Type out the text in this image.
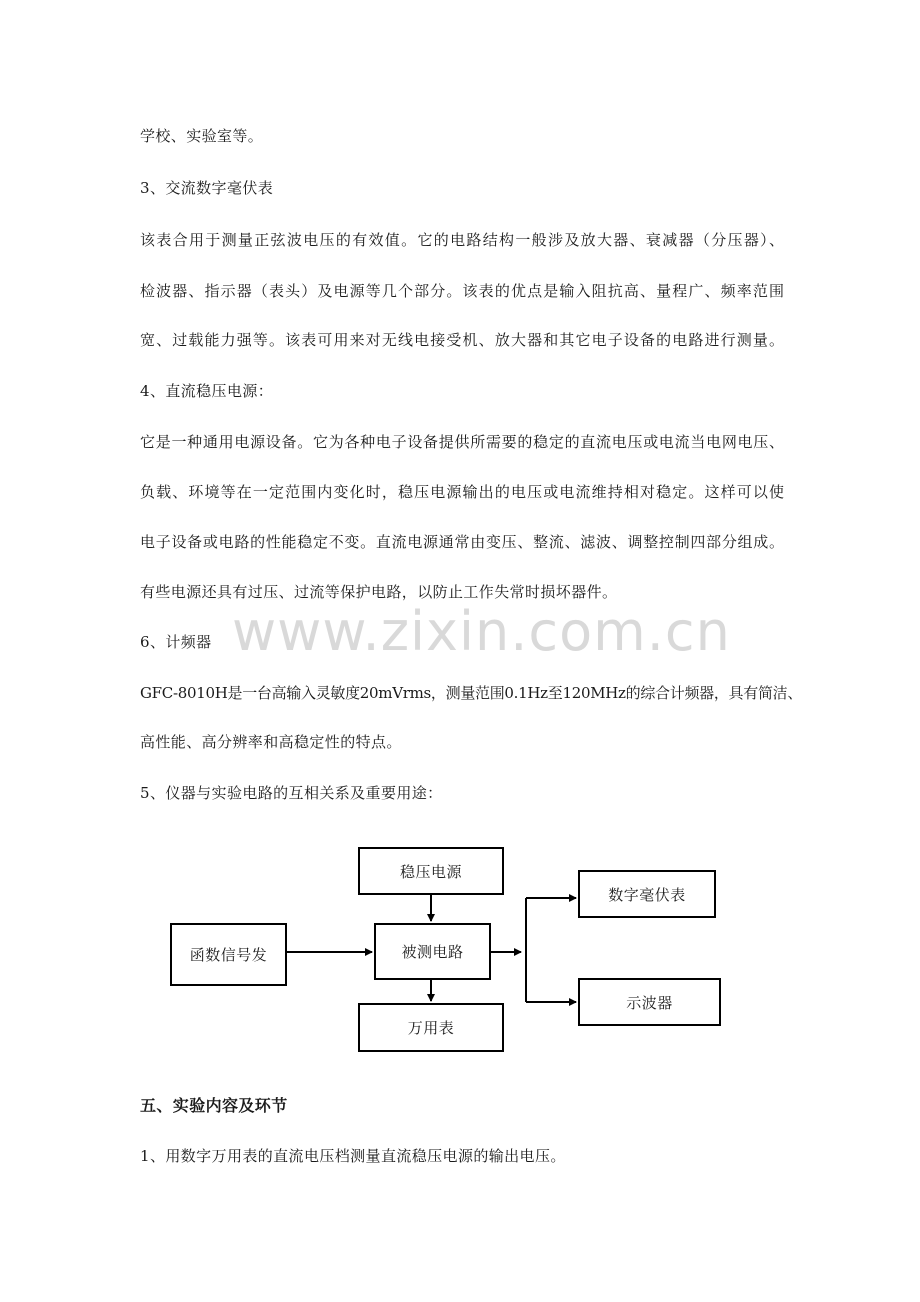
www.zixin.com.cn
学校、实验室等。
3、交流数字毫伏表
该表合用于测量正弦波电压的有效值。它的电路结构一般涉及放大器、衰减器（分压器）、
检波器、指示器（表头）及电源等几个部分。该表的优点是输入阻抗高、量程广、频率范围
宽、过载能力强等。该表可用来对无线电接受机、放大器和其它电子设备的电路进行测量。
4、直流稳压电源：
它是一种通用电源设备。它为各种电子设备提供所需要的稳定的直流电压或电流当电网电压、
负载、环境等在一定范围内变化时，稳压电源输出的电压或电流维持相对稳定。这样可以使
电子设备或电路的性能稳定不变。直流电源通常由变压、整流、滤波、调整控制四部分组成。
有些电源还具有过压、过流等保护电路，以防止工作失常时损坏器件。
6、计频器
GFC-8010H是一台高输入灵敏度20mVrms，测量范围0.1Hz至120MHz的综合计频器，具有简洁、
高性能、高分辨率和高稳定性的特点。
5、仪器与实验电路的互相关系及重要用途：
稳压电源
函数信号发	被测电路
万用表
数字毫伏表
示波器
五、实验内容及环节
1、用数字万用表的直流电压档测量直流稳压电源的输出电压。
